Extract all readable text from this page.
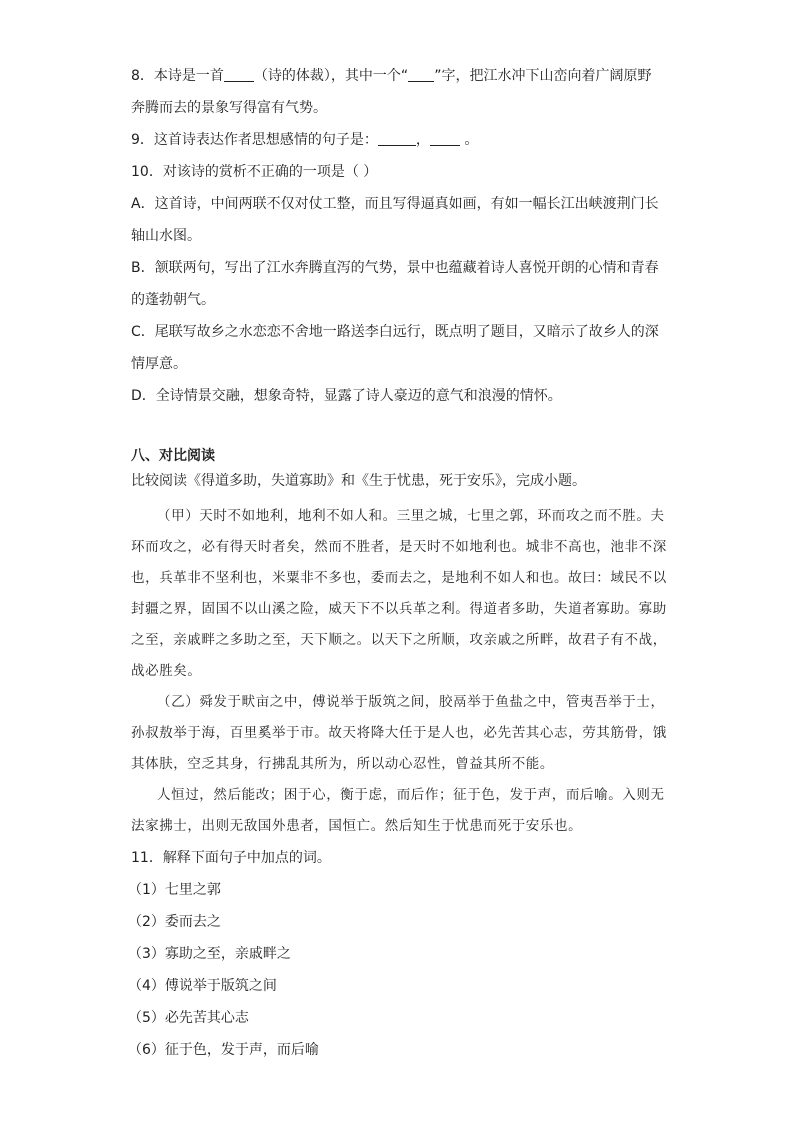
8．本诗是一首 （诗的体裁），其中一个“ ”字，把江水冲下山峦向着广阔原野
奔腾而去的景象写得富有气势。
9．这首诗表达作者思想感情的句子是：	， 。
10．对该诗的赏析不正确的一项是（ ）
A．这首诗，中间两联不仅对仗工整，而且写得逼真如画，有如一幅长江出峡渡荆门长
轴山水图。
B．颔联两句，写出了江水奔腾直泻的气势，景中也蕴藏着诗人喜悦开朗的心情和青春
的蓬勃朝气。
C．尾联写故乡之水恋恋不舍地一路送李白远行，既点明了题目，又暗示了故乡人的深
情厚意。
D．全诗情景交融，想象奇特，显露了诗人豪迈的意气和浪漫的情怀。
八、对比阅读
比较阅读《得道多助，失道寡助》和《生于忧患，死于安乐》，完成小题。
（甲）天时不如地利，地利不如人和。三里之城，七里之郭，环而攻之而不胜。夫
环而攻之，必有得天时者矣，然而不胜者，是天时不如地利也。城非不高也，池非不深
也，兵革非不坚利也，米粟非不多也，委而去之，是地利不如人和也。故曰：域民不以
封疆之界，固国不以山溪之险，威天下不以兵革之利。得道者多助，失道者寡助。寡助
之至，亲戚畔之多助之至，天下顺之。以天下之所顺，攻亲戚之所畔，故君子有不战，
战必胜矣。
（乙）舜发于畎亩之中，傅说举于版筑之间，胶鬲举于鱼盐之中，管夷吾举于士，
孙叔敖举于海，百里奚举于市。故天将降大任于是人也，必先苦其心志，劳其筋骨，饿
其体肤，空乏其身，行拂乱其所为，所以动心忍性，曾益其所不能。
人恒过，然后能改；困于心，衡于虑，而后作；征于色，发于声，而后喻。入则无
法家拂士，出则无敌国外患者，国恒亡。然后知生于忧患而死于安乐也。
11．解释下面句子中加点的词。
（1）七里之郭
（2）委而去之
（3）寡助之至，亲戚畔之
（4）傅说举于版筑之间
（5）必先苦其心志
（6）征于色，发于声，而后喻
